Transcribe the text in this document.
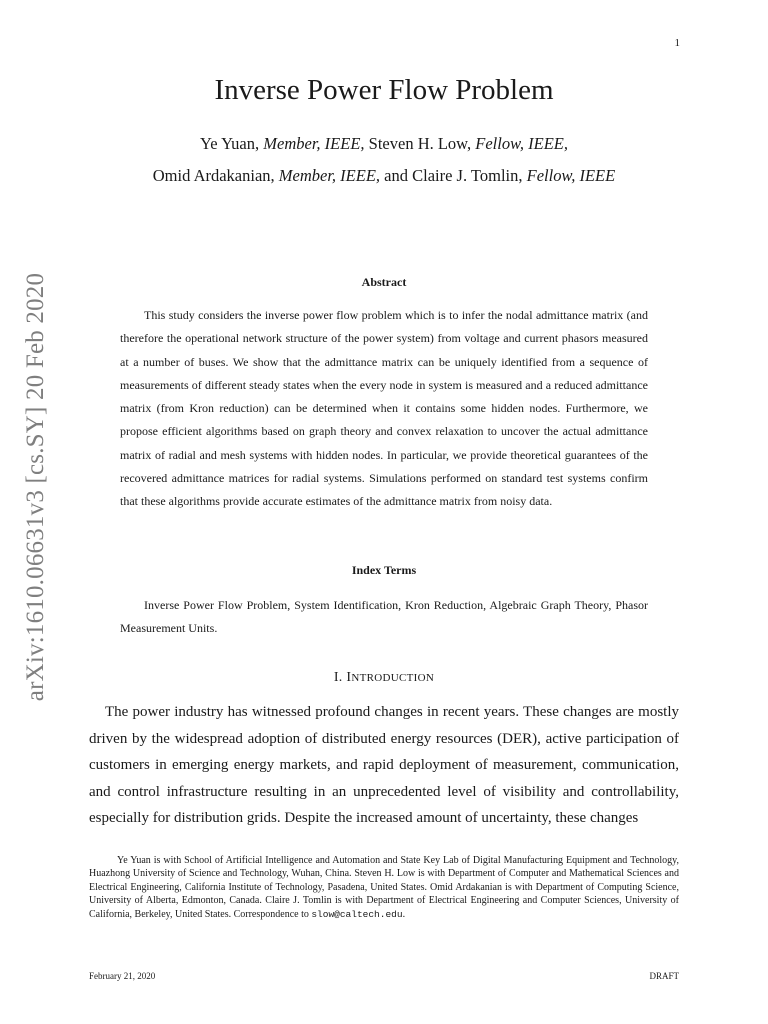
1
arXiv:1610.06631v3 [cs.SY] 20 Feb 2020
Inverse Power Flow Problem
Ye Yuan, Member, IEEE, Steven H. Low, Fellow, IEEE,
Omid Ardakanian, Member, IEEE, and Claire J. Tomlin, Fellow, IEEE
Abstract
This study considers the inverse power flow problem which is to infer the nodal admittance matrix (and therefore the operational network structure of the power system) from voltage and current phasors measured at a number of buses. We show that the admittance matrix can be uniquely identified from a sequence of measurements of different steady states when the every node in system is measured and a reduced admittance matrix (from Kron reduction) can be determined when it contains some hidden nodes. Furthermore, we propose efficient algorithms based on graph theory and convex relaxation to uncover the actual admittance matrix of radial and mesh systems with hidden nodes. In particular, we provide theoretical guarantees of the recovered admittance matrices for radial systems. Simulations performed on standard test systems confirm that these algorithms provide accurate estimates of the admittance matrix from noisy data.
Index Terms
Inverse Power Flow Problem, System Identification, Kron Reduction, Algebraic Graph Theory, Phasor Measurement Units.
I. INTRODUCTION
The power industry has witnessed profound changes in recent years. These changes are mostly driven by the widespread adoption of distributed energy resources (DER), active participation of customers in emerging energy markets, and rapid deployment of measurement, communication, and control infrastructure resulting in an unprecedented level of visibility and controllability, especially for distribution grids. Despite the increased amount of uncertainty, these changes
Ye Yuan is with School of Artificial Intelligence and Automation and State Key Lab of Digital Manufacturing Equipment and Technology, Huazhong University of Science and Technology, Wuhan, China. Steven H. Low is with Department of Computer and Mathematical Sciences and Electrical Engineering, California Institute of Technology, Pasadena, United States. Omid Ardakanian is with Department of Computing Science, University of Alberta, Edmonton, Canada. Claire J. Tomlin is with Department of Electrical Engineering and Computer Sciences, University of California, Berkeley, United States. Correspondence to slow@caltech.edu.
February 21, 2020	DRAFT
